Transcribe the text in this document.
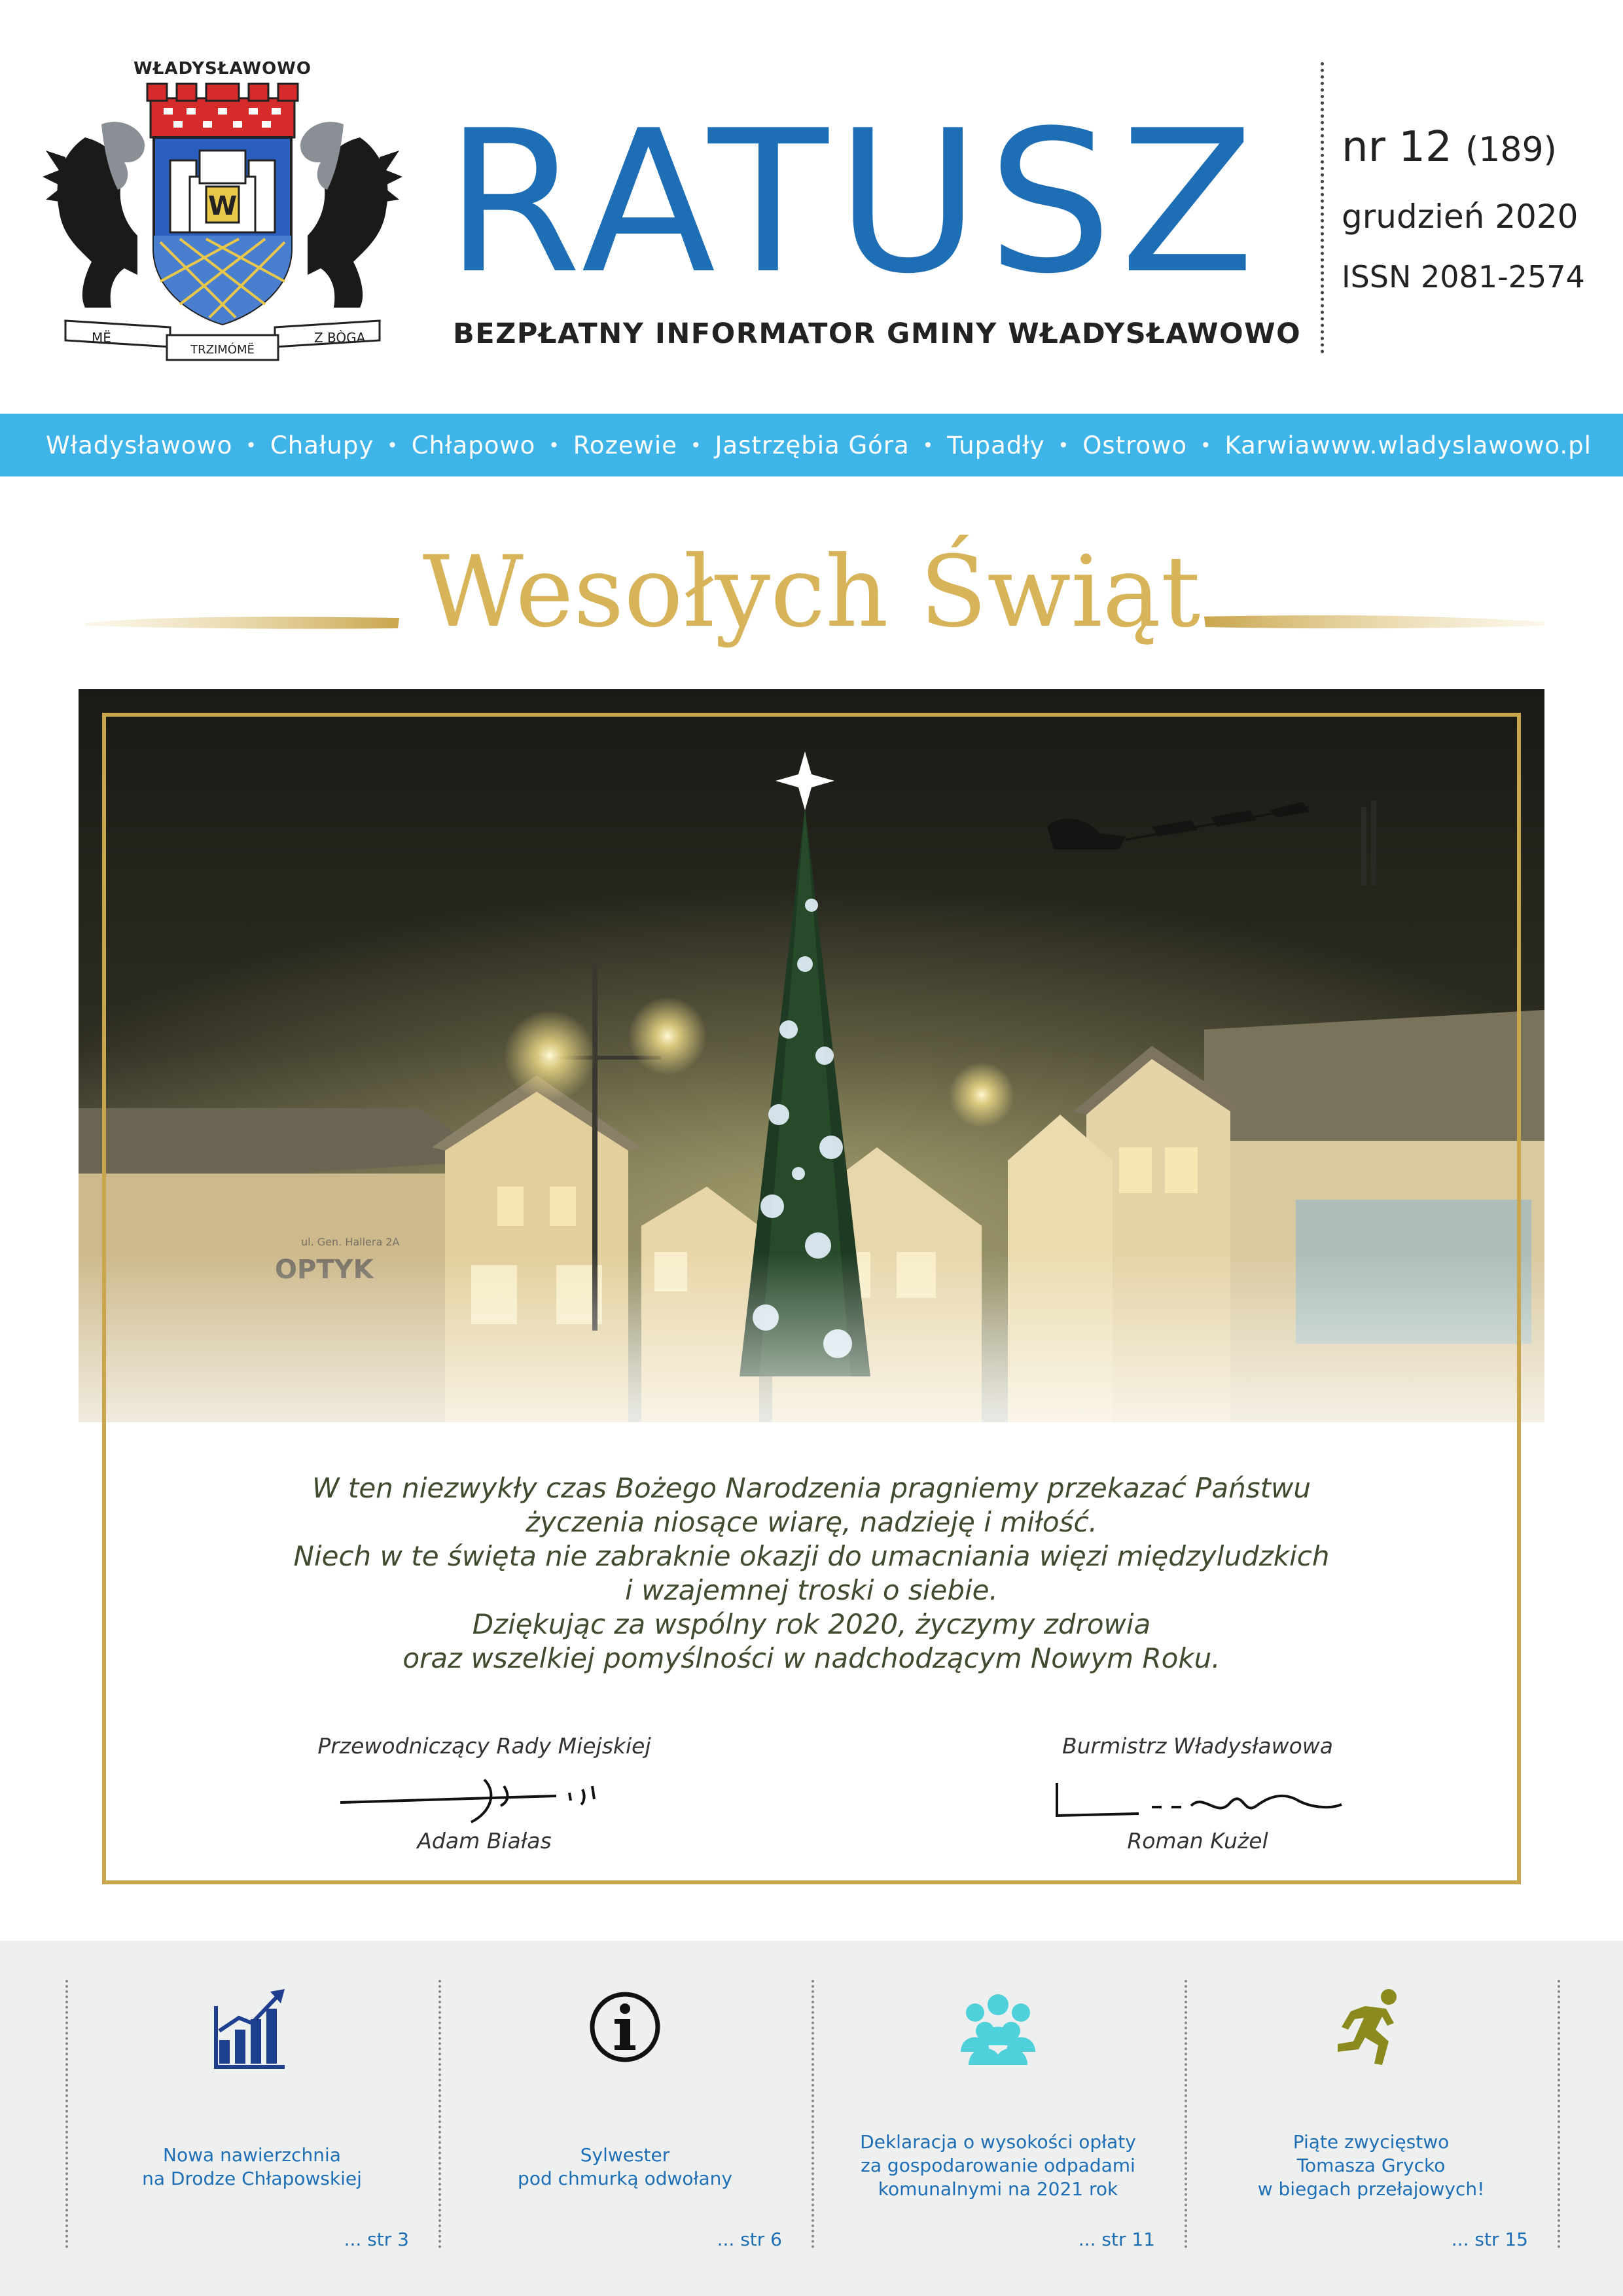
WŁADYSŁAWOWO
W
MË	Z BÒGA
TRZIMÓMË
RATUSZ
BEZPŁATNY INFORMATOR GMINY WŁADYSŁAWOWO
nr 12 (189)
grudzień 2020
ISSN 2081-2574
Władysławowo • Chałupy • Chłapowo • Rozewie • Jastrzębia Góra • Tupadły • Ostrowo • Karwia www.wladyslawowo.pl
Wesołych Świąt
ul. Gen. Hallera 2A
W ten niezwykły czas Bożego Narodzenia pragniemy przekazać Państwu
życzenia niosące wiarę, nadzieję i miłość.
Niech w te święta nie zabraknie okazji do umacniania więzi międzyludzkich
i wzajemnej troski o siebie.
Dziękując za wspólny rok 2020, życzymy zdrowia
oraz wszelkiej pomyślności w nadchodzącym Nowym Roku.
Przewodniczący Rady Miejskiej
Adam Białas
Burmistrz Władysławowa
Roman Kużel
Nowa nawierzchnia
na Drodze Chłapowskiej
... str 3
Sylwester
pod chmurką odwołany
... str 6
Deklaracja o wysokości opłaty
za gospodarowanie odpadami
komunalnymi na 2021 rok
... str 11
Piąte zwycięstwo
Tomasza Grycko
w biegach przełajowych!
... str 15
